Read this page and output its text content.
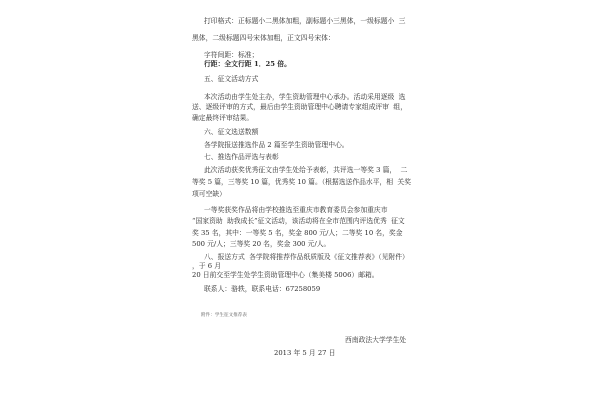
打印格式：正标题小二黑体加粗，副标题小三黑体，一级标题小  三

黑体，二级标题四号宋体加粗，正文四号宋体：

字符间距：标准；

行距：全文行距 1．25 倍。

五、征文活动方式

本次活动由学生处主办，学生资助管理中心承办。活动采用逐级  选

送、逐级评审的方式，最后由学生资助管理中心聘请专家组成评审  组，

确定最终评审结果。

六、征文选送数额

各学院报送推选作品 2 篇至学生资助管理中心。

七、推选作品评选与表彰

此次活动获奖优秀征文由学生处给予表彰，共评选一等奖 3 篇，  二

等奖 5 篇，三等奖 10 篇，优秀奖 10 篇。（根据选送作品水平，相  关奖

项可空缺）

一等奖获奖作品将由学校推选至重庆市教育委员会参加重庆市

“国家资助  助我成长”征文活动，该活动将在全市范围内评选优秀  征文

奖 35 名，其中：一等奖 5 名，奖金 800 元/人；二等奖 10 名，奖金

500 元/人；三等奖 20 名，奖金 300 元/人。

八、报送方式  各学院将推荐作品纸质版及《征文推荐表》（见附件）

，于 6 月

20 日前交至学生处学生资助管理中心（集美楼 5006）邮箱。

联系人：骆轶，联系电话：67258059

附件：学生征文推荐表

西南政法大学学生处

2013 年 5 月 27 日
